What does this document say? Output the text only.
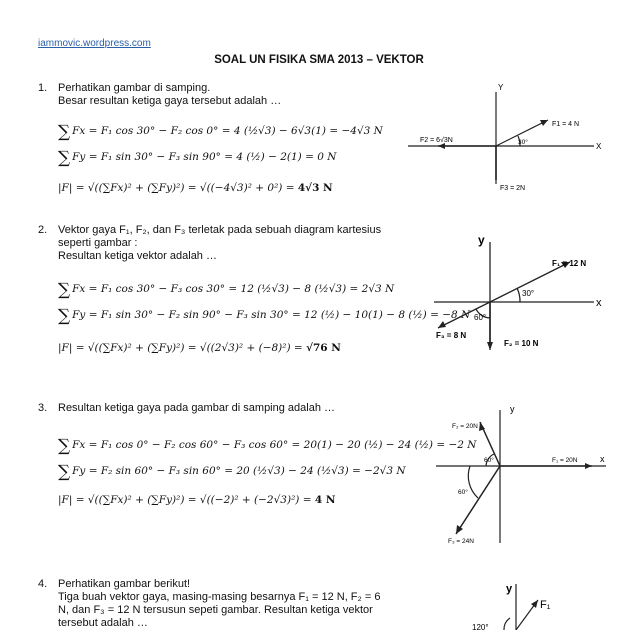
iammovic.wordpress.com
SOAL UN FISIKA SMA 2013 – VEKTOR
1. Perhatikan gambar di samping.
Besar resultan ketiga gaya tersebut adalah …
∑ Fx = F₁ cos 30° − F₂ cos 0° = 4 (½√3) − 6√3(1) = −4√3 N
∑ Fy = F₁ sin 30° − F₃ sin 90° = 4 (½) − 2(1) = 0 N
|F| = √((∑Fx)² + (∑Fy)²) = √((−4√3)² + 0²) = 4√3 N
Y
X
F1 = 4 N
F2 = 6√3N
F3 = 2N
30°
2. Vektor gaya F₁, F₂, dan F₃ terletak pada sebuah diagram kartesius
seperti gambar :
Resultan ketiga vektor adalah …
∑ Fx = F₁ cos 30° − F₃ cos 30° = 12 (½√3) − 8 (½√3) = 2√3 N
∑ Fy = F₁ sin 30° − F₂ sin 90° − F₃ sin 30° = 12 (½) − 10(1) − 8 (½) = −8 N
|F| = √((∑Fx)² + (∑Fy)²) = √((2√3)² + (−8)²) = √76 N
y
x
F₁ = 12 N
30°
60°
F₃ = 8 N
F₂ = 10 N
3. Resultan ketiga gaya pada gambar di samping adalah …
∑ Fx = F₁ cos 0° − F₂ cos 60° − F₃ cos 60° = 20(1) − 20 (½) − 24 (½) = −2 N
∑ Fy = F₂ sin 60° − F₃ sin 60° = 20 (½√3) − 24 (½√3) = −2√3 N
|F| = √((∑Fx)² + (∑Fy)²) = √((−2)² + (−2√3)²) = 4 N
y
x
F₁ = 20N
F₂ = 20N
F₃ = 24N
60°
60°
4. Perhatikan gambar berikut!
Tiga buah vektor gaya, masing-masing besarnya F₁ = 12 N, F₂ = 6
N, dan F₃ = 12 N tersusun sepeti gambar. Resultan ketiga vektor
tersebut adalah …
y
F₁
120°
